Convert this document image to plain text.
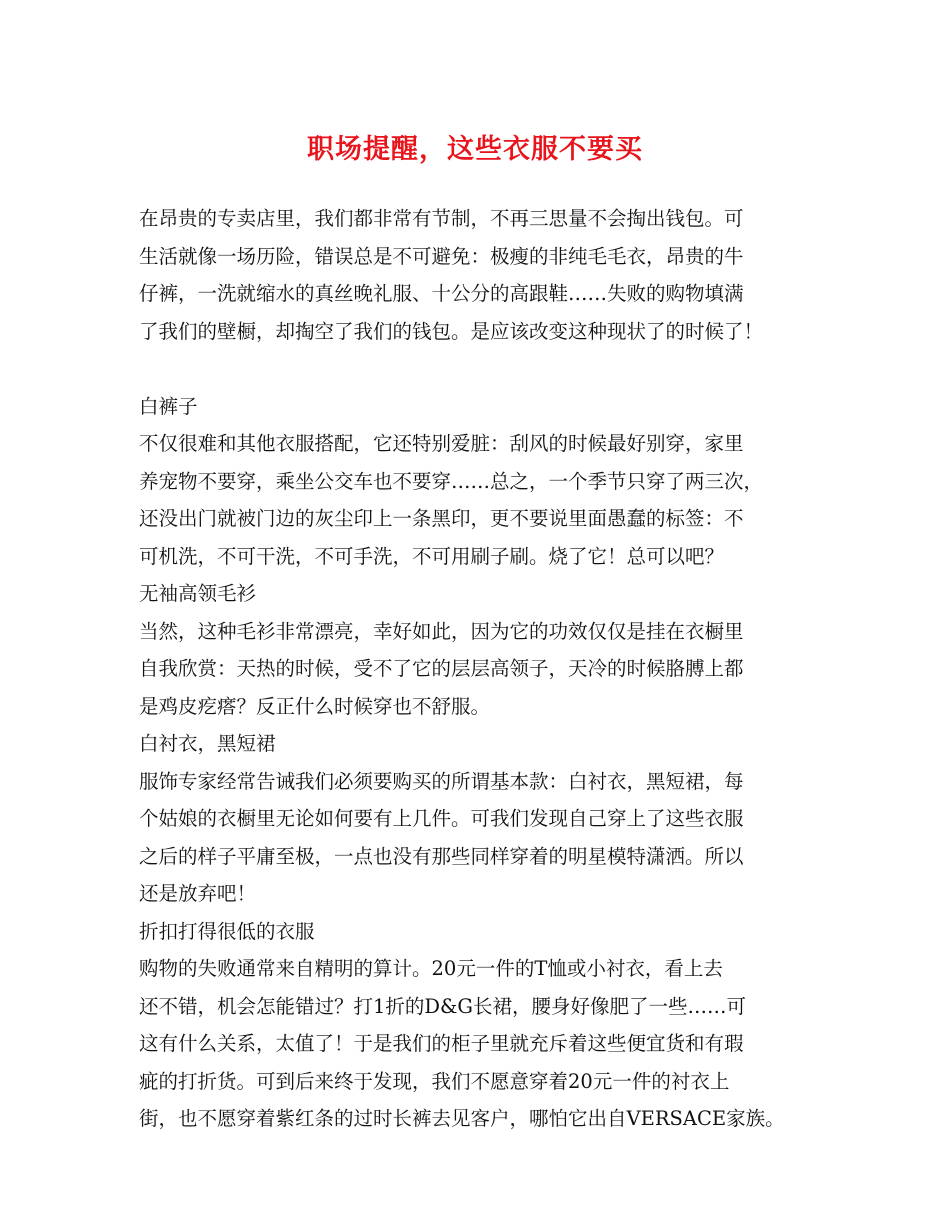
职场提醒，这些衣服不要买
在昂贵的专卖店里，我们都非常有节制，不再三思量不会掏出钱包。可
生活就像一场历险，错误总是不可避免：极瘦的非纯毛毛衣，昂贵的牛
仔裤，一洗就缩水的真丝晚礼服、十公分的高跟鞋……失败的购物填满
了我们的壁橱，却掏空了我们的钱包。是应该改变这种现状了的时候了！
白裤子
不仅很难和其他衣服搭配，它还特别爱脏：刮风的时候最好别穿，家里
养宠物不要穿，乘坐公交车也不要穿……总之，一个季节只穿了两三次，
还没出门就被门边的灰尘印上一条黑印，更不要说里面愚蠢的标签：不
可机洗，不可干洗，不可手洗，不可用刷子刷。烧了它！总可以吧？
无袖高领毛衫
当然，这种毛衫非常漂亮，幸好如此，因为它的功效仅仅是挂在衣橱里
自我欣赏：天热的时候，受不了它的层层高领子，天冷的时候胳膊上都
是鸡皮疙瘩？反正什么时候穿也不舒服。
白衬衣，黑短裙
服饰专家经常告诫我们必须要购买的所谓基本款：白衬衣，黑短裙，每
个姑娘的衣橱里无论如何要有上几件。可我们发现自己穿上了这些衣服
之后的样子平庸至极，一点也没有那些同样穿着的明星模特潇洒。所以
还是放弃吧！
折扣打得很低的衣服
购物的失败通常来自精明的算计。20元一件的T恤或小衬衣，看上去
还不错，机会怎能错过？打1折的D&G长裙，腰身好像肥了一些……可
这有什么关系，太值了！于是我们的柜子里就充斥着这些便宜货和有瑕
疵的打折货。可到后来终于发现，我们不愿意穿着20元一件的衬衣上
街，也不愿穿着紫红条的过时长裤去见客户，哪怕它出自VERSACE家族。
